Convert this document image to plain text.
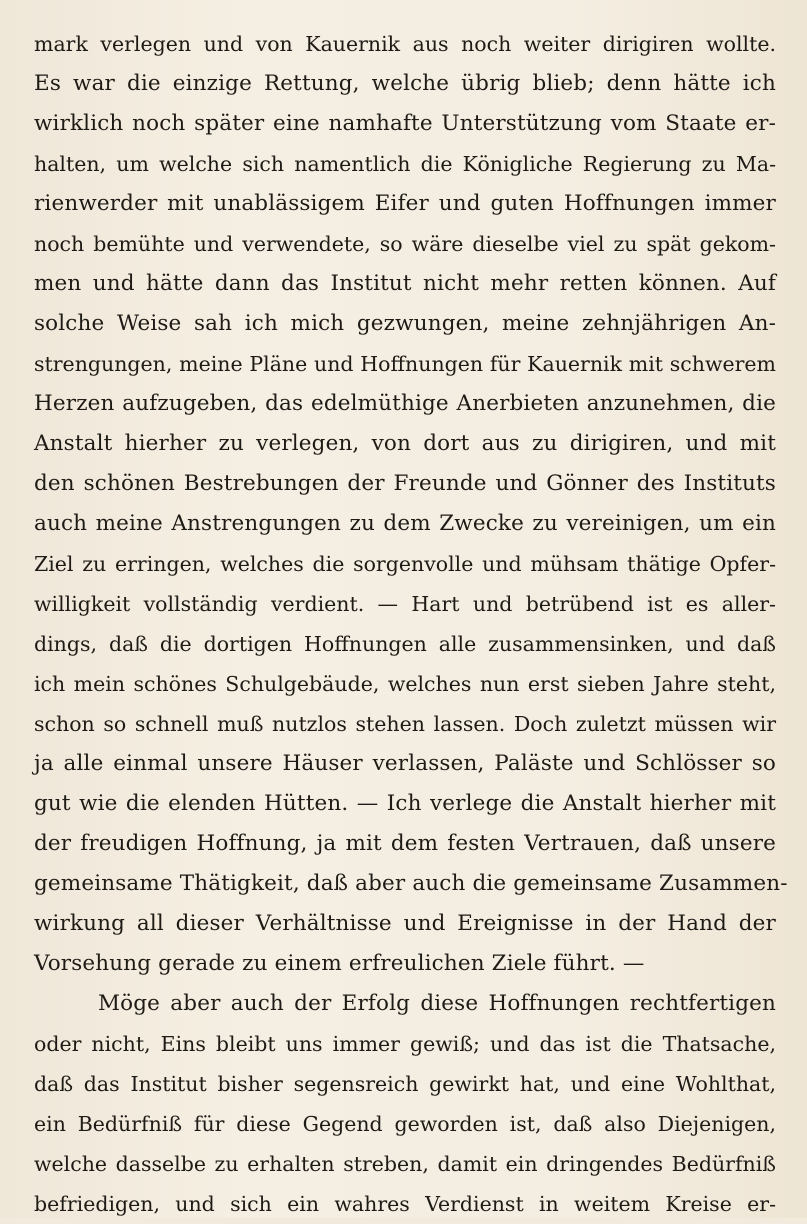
mark verlegen und von Kauernik aus noch weiter dirigiren wollte.
Es war die einzige Rettung, welche übrig blieb; denn hätte ich
wirklich noch später eine namhafte Unterstützung vom Staate er-
halten, um welche sich namentlich die Königliche Regierung zu Ma-
rienwerder mit unablässigem Eifer und guten Hoffnungen immer
noch bemühte und verwendete, so wäre dieselbe viel zu spät gekom-
men und hätte dann das Institut nicht mehr retten können. Auf
solche Weise sah ich mich gezwungen, meine zehnjährigen An-
strengungen, meine Pläne und Hoffnungen für Kauernik mit schwerem
Herzen aufzugeben, das edelmüthige Anerbieten anzunehmen, die
Anstalt hierher zu verlegen, von dort aus zu dirigiren, und mit
den schönen Bestrebungen der Freunde und Gönner des Instituts
auch meine Anstrengungen zu dem Zwecke zu vereinigen, um ein
Ziel zu erringen, welches die sorgenvolle und mühsam thätige Opfer-
willigkeit vollständig verdient. — Hart und betrübend ist es aller-
dings, daß die dortigen Hoffnungen alle zusammensinken, und daß
ich mein schönes Schulgebäude, welches nun erst sieben Jahre steht,
schon so schnell muß nutzlos stehen lassen. Doch zuletzt müssen wir
ja alle einmal unsere Häuser verlassen, Paläste und Schlösser so
gut wie die elenden Hütten. — Ich verlege die Anstalt hierher mit
der freudigen Hoffnung, ja mit dem festen Vertrauen, daß unsere
gemeinsame Thätigkeit, daß aber auch die gemeinsame Zusammen-
wirkung all dieser Verhältnisse und Ereignisse in der Hand der
Vorsehung gerade zu einem erfreulichen Ziele führt. —
Möge aber auch der Erfolg diese Hoffnungen rechtfertigen
oder nicht, Eins bleibt uns immer gewiß; und das ist die Thatsache,
daß das Institut bisher segensreich gewirkt hat, und eine Wohlthat,
ein Bedürfniß für diese Gegend geworden ist, daß also Diejenigen,
welche dasselbe zu erhalten streben, damit ein dringendes Bedürfniß
befriedigen, und sich ein wahres Verdienst in weitem Kreise er-
